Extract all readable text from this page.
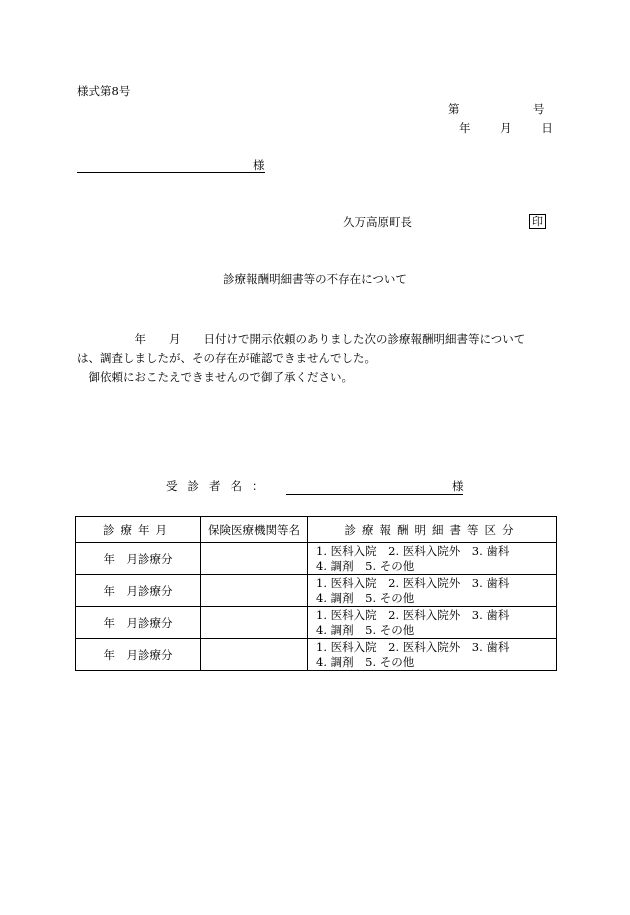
様式第8号
第	号
年	月	日
様
久万高原町長	印
診療報酬明細書等の不存在について

　　　　　年　　月　　日付けで開示依頼のありました次の診療報酬明細書等について

は、調査しましたが、その存在が確認できませんでした。

　御依頼におこたえできませんので御了承ください。

受診者名：	様
診療年月	保険医療機関等名	診療報酬明細書等区分
年　月診療分		1. 医科入院　2. 医科入院外　3. 歯科
4. 調剤　5. その他

年　月診療分		1. 医科入院　2. 医科入院外　3. 歯科
4. 調剤　5. その他

年　月診療分		1. 医科入院　2. 医科入院外　3. 歯科
4. 調剤　5. その他

年　月診療分		1. 医科入院　2. 医科入院外　3. 歯科
4. 調剤　5. その他
